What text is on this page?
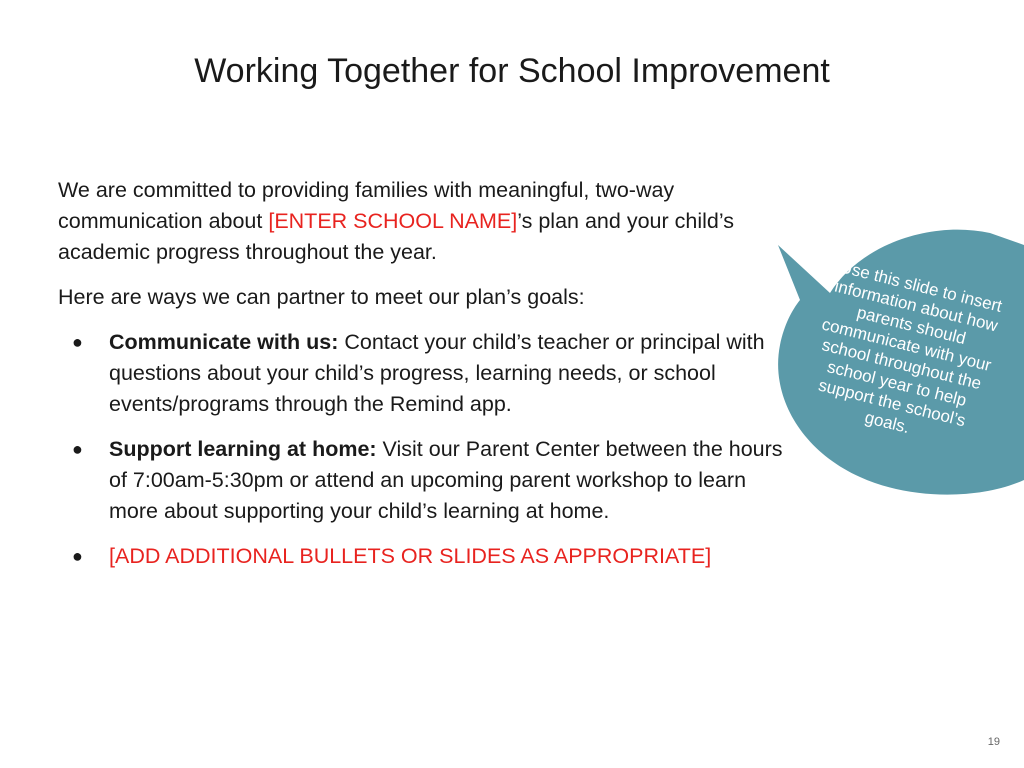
Working Together for School Improvement

We are committed to providing families with meaningful, two-way communication about [ENTER SCHOOL NAME]’s plan and your child’s academic progress throughout the year.

Here are ways we can partner to meet our plan’s goals:

● Communicate with us: Contact your child’s teacher or principal with questions about your child’s progress, learning needs, or school events/programs through the Remind app.
● Support learning at home: Visit our Parent Center between the hours of 7:00am-5:30pm or attend an upcoming parent workshop to learn more about supporting your child’s learning at home.
● [ADD ADDITIONAL BULLETS OR SLIDES AS APPROPRIATE]
Use this slide to insert information about how parents should communicate with your school throughout the school year to help support the school’s goals.
19
